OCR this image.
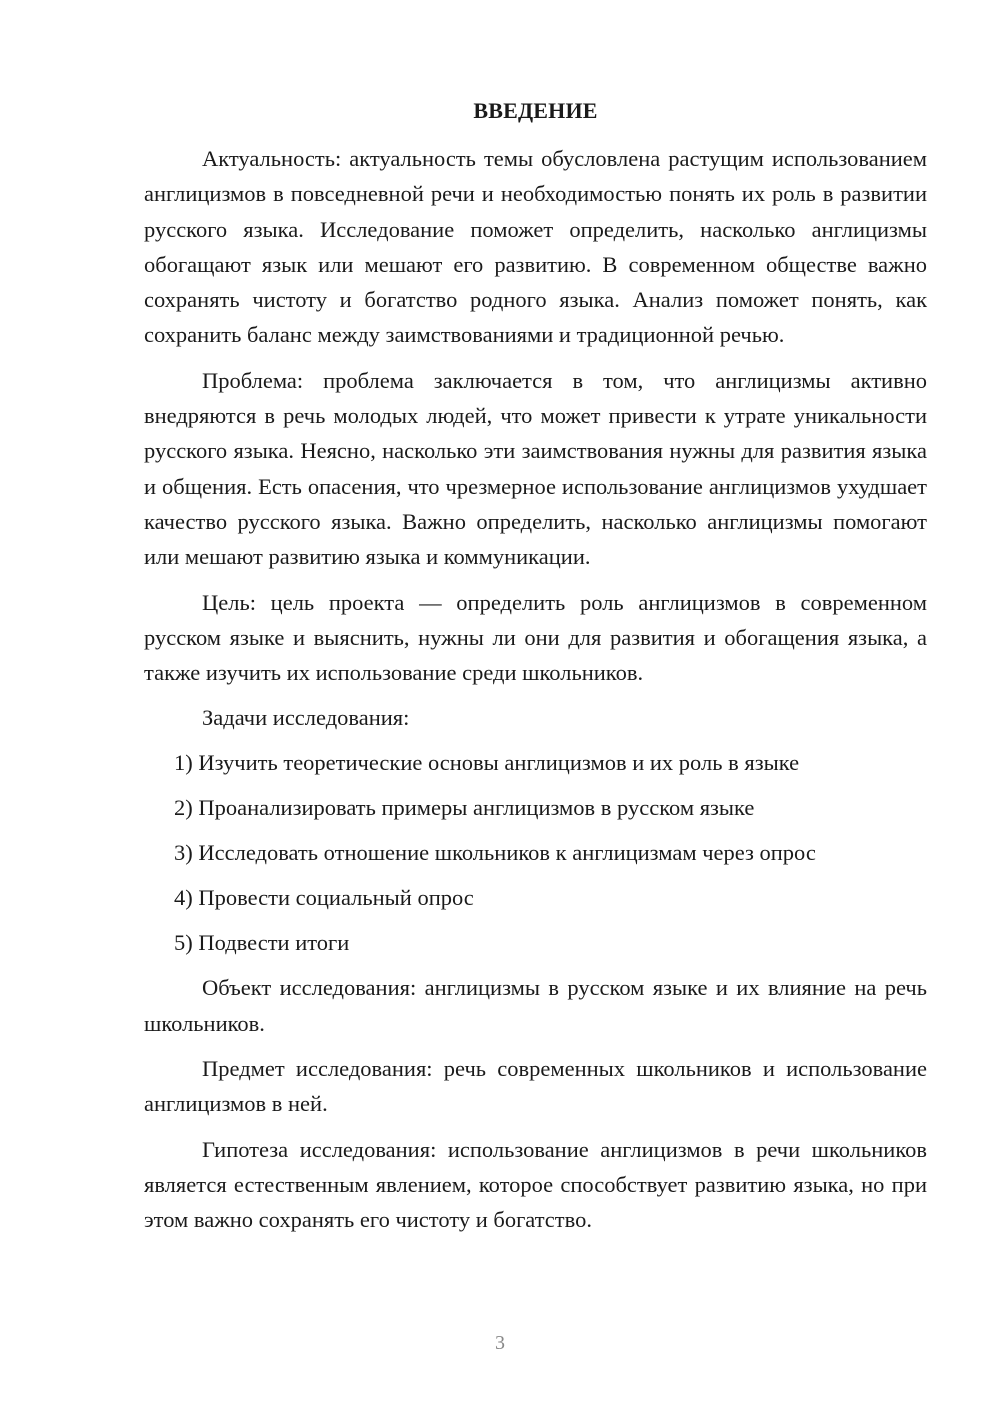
ВВЕДЕНИЕ

Актуальность: актуальность темы обусловлена растущим использованием англицизмов в повседневной речи и необходимостью понять их роль в развитии русского языка. Исследование поможет определить, насколько англицизмы обогащают язык или мешают его развитию. В современном обществе важно сохранять чистоту и богатство родного языка. Анализ поможет понять, как сохранить баланс между заимствованиями и традиционной речью.

Проблема: проблема заключается в том, что англицизмы активно внедряются в речь молодых людей, что может привести к утрате уникальности русского языка. Неясно, насколько эти заимствования нужны для развития языка и общения. Есть опасения, что чрезмерное использование англицизмов ухудшает качество русского языка. Важно определить, насколько англицизмы помогают или мешают развитию языка и коммуникации.

Цель: цель проекта — определить роль англицизмов в современном русском языке и выяснить, нужны ли они для развития и обогащения языка, а также изучить их использование среди школьников.

Задачи исследования:

1) Изучить теоретические основы англицизмов и их роль в языке
2) Проанализировать примеры англицизмов в русском языке
3) Исследовать отношение школьников к англицизмам через опрос
4) Провести социальный опрос
5) Подвести итоги

Объект исследования: англицизмы в русском языке и их влияние на речь школьников.

Предмет исследования: речь современных школьников и использование англицизмов в ней.

Гипотеза исследования: использование англицизмов в речи школьников является естественным явлением, которое способствует развитию языка, но при этом важно сохранять его чистоту и богатство.

3
